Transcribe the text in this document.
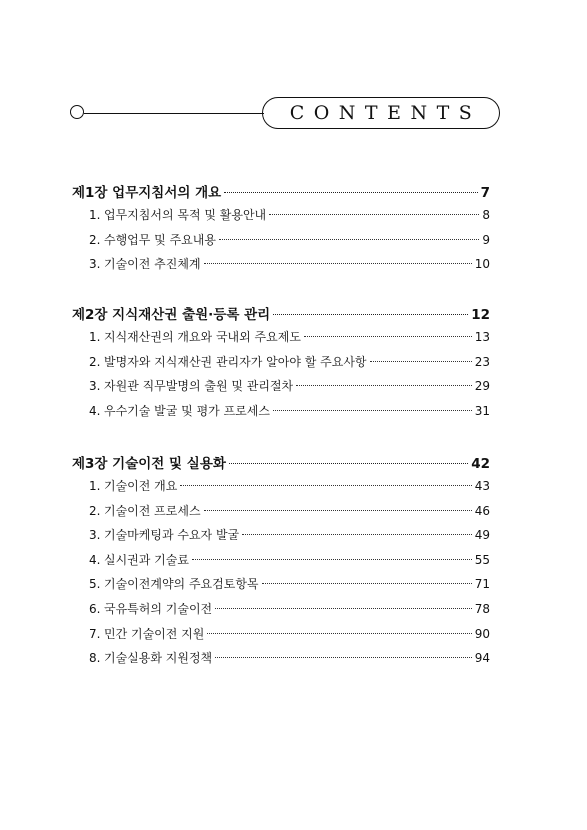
CONTENTS
제1장 업무지침서의 개요	7
1. 업무지침서의 목적 및 활용안내	8
2. 수행업무 및 주요내용	9
3. 기술이전 추진체계	10
제2장 지식재산권 출원·등록 관리	12
1. 지식재산권의 개요와 국내외 주요제도	13
2. 발명자와 지식재산권 관리자가 알아야 할 주요사항	23
3. 자원관 직무발명의 출원 및 관리절차	29
4. 우수기술 발굴 및 평가 프로세스	31
제3장 기술이전 및 실용화	42
1. 기술이전 개요	43
2. 기술이전 프로세스	46
3. 기술마케팅과 수요자 발굴	49
4. 실시권과 기술료	55
5. 기술이전계약의 주요검토항목	71
6. 국유특허의 기술이전	78
7. 민간 기술이전 지원	90
8. 기술실용화 지원정책	94
